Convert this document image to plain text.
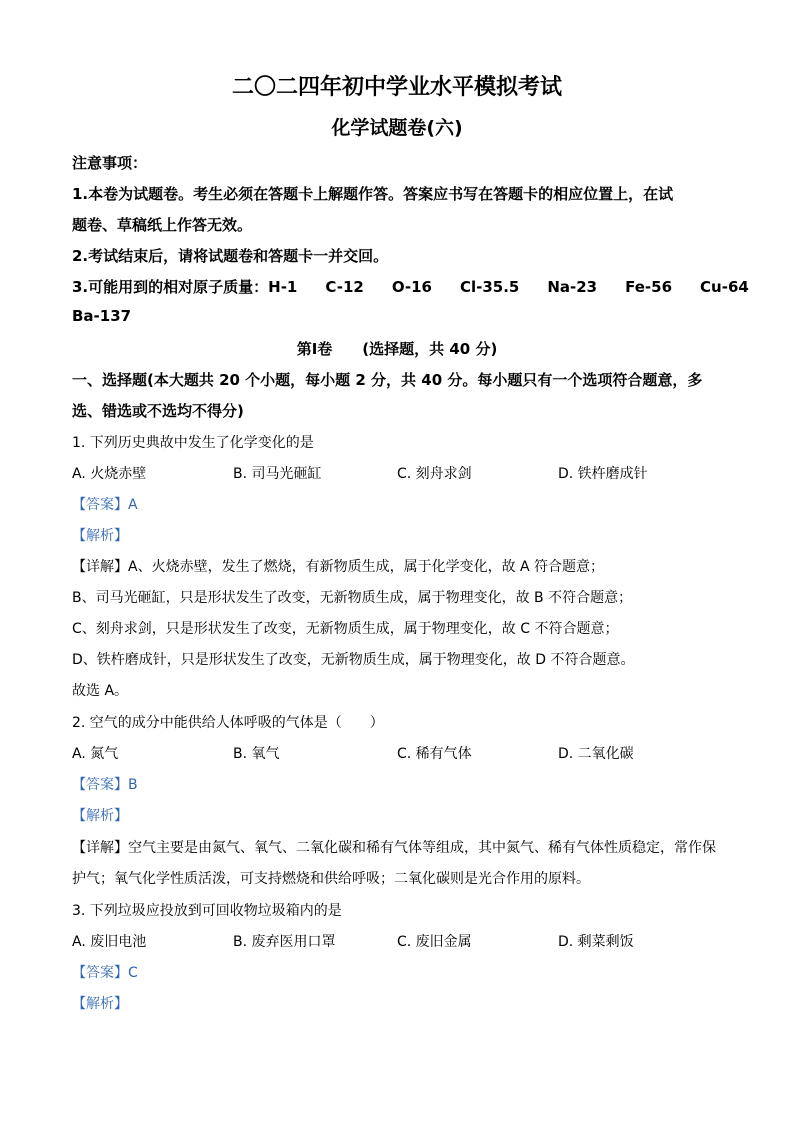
二〇二四年初中学业水平模拟考试
化学试题卷(六)
注意事项：
1.本卷为试题卷。考生必须在答题卡上解题作答。答案应书写在答题卡的相应位置上，在试
题卷、草稿纸上作答无效。
2.考试结束后，请将试题卷和答题卡一并交回。
3.可能用到的相对原子质量：H-1 C-12 O-16 Cl-35.5 Na-23 Fe-56 Cu-64
Ba-137
第Ⅰ卷　　(选择题，共 40 分)
一、选择题(本大题共 20 个小题，每小题 2 分，共 40 分。每小题只有一个选项符合题意，多
选、错选或不选均不得分)
1. 下列历史典故中发生了化学变化的是
A. 火烧赤壁	B. 司马光砸缸	C. 刻舟求剑	D. 铁杵磨成针
【答案】A
【解析】
【详解】A、火烧赤壁，发生了燃烧，有新物质生成，属于化学变化，故 A 符合题意；
B、司马光砸缸，只是形状发生了改变，无新物质生成，属于物理变化，故 B 不符合题意；
C、刻舟求剑，只是形状发生了改变，无新物质生成，属于物理变化，故 C 不符合题意；
D、铁杵磨成针，只是形状发生了改变，无新物质生成，属于物理变化，故 D 不符合题意。
故选 A。
2. 空气的成分中能供给人体呼吸的气体是（　　）
A. 氮气	B. 氧气	C. 稀有气体	D. 二氧化碳
【答案】B
【解析】
【详解】空气主要是由氮气、氧气、二氧化碳和稀有气体等组成，其中氮气、稀有气体性质稳定，常作保
护气；氧气化学性质活泼，可支持燃烧和供给呼吸；二氧化碳则是光合作用的原料。
3. 下列垃圾应投放到可回收物垃圾箱内的是
A. 废旧电池	B. 废弃医用口罩	C. 废旧金属	D. 剩菜剩饭
【答案】C
【解析】
